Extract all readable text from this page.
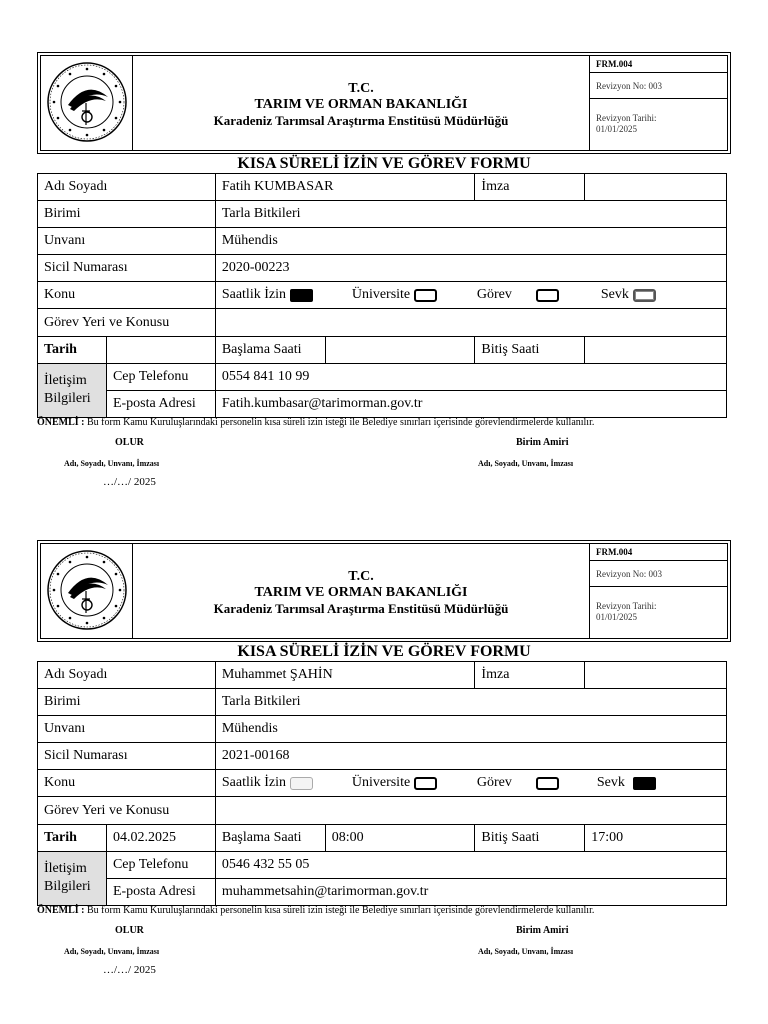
T.C.
TARIM VE ORMAN BAKANLIĞI
Karadeniz Tarımsal Araştırma Enstitüsü Müdürlüğü
FRM.004
Revizyon No: 003
Revizyon Tarihi:
01/01/2025
KISA SÜRELİ İZİN VE GÖREV FORMU
Adı Soyadı		Fatih KUMBASAR		İmza	
Birimi		Tarla Bitkileri			
Unvanı		Mühendis			
Sicil Numarası		2020-00223			
Konu		Saatlik İzin Üniversite Görev Sevk			

Görev Yeri ve Konusu					
Tarih		Başlama Saati		Bitiş Saati	

İletişim
Bilgileri	Cep Telefonu	0554 841 10 99			
	E-posta Adresi	Fatih.kumbasar@tarimorman.gov.tr			
ÖNEMLİ : Bu form Kamu Kuruluşlarındaki personelin kısa süreli izin isteği ile Belediye sınırları içerisinde görevlendirmelerde kullanılır.
OLUR	Birim Amiri
Adı, Soyadı, Unvanı, İmzası	Adı, Soyadı, Unvanı, İmzası
…/…/ 2025
T.C.
TARIM VE ORMAN BAKANLIĞI
Karadeniz Tarımsal Araştırma Enstitüsü Müdürlüğü
FRM.004
Revizyon No: 003
Revizyon Tarihi:
01/01/2025
KISA SÜRELİ İZİN VE GÖREV FORMU
Adı Soyadı		Muhammet ŞAHİN		İmza	
Birimi		Tarla Bitkileri			
Unvanı		Mühendis			
Sicil Numarası		2021-00168			
Konu		Saatlik İzin Üniversite Görev Sevk			

Görev Yeri ve Konusu					
Tarih	04.02.2025	Başlama Saati	08:00	Bitiş Saati	17:00

İletişim
Bilgileri	Cep Telefonu	0546 432 55 05			
	E-posta Adresi	muhammetsahin@tarimorman.gov.tr			
ÖNEMLİ : Bu form Kamu Kuruluşlarındaki personelin kısa süreli izin isteği ile Belediye sınırları içerisinde görevlendirmelerde kullanılır.
OLUR	Birim Amiri
Adı, Soyadı, Unvanı, İmzası	Adı, Soyadı, Unvanı, İmzası
…/…/ 2025
